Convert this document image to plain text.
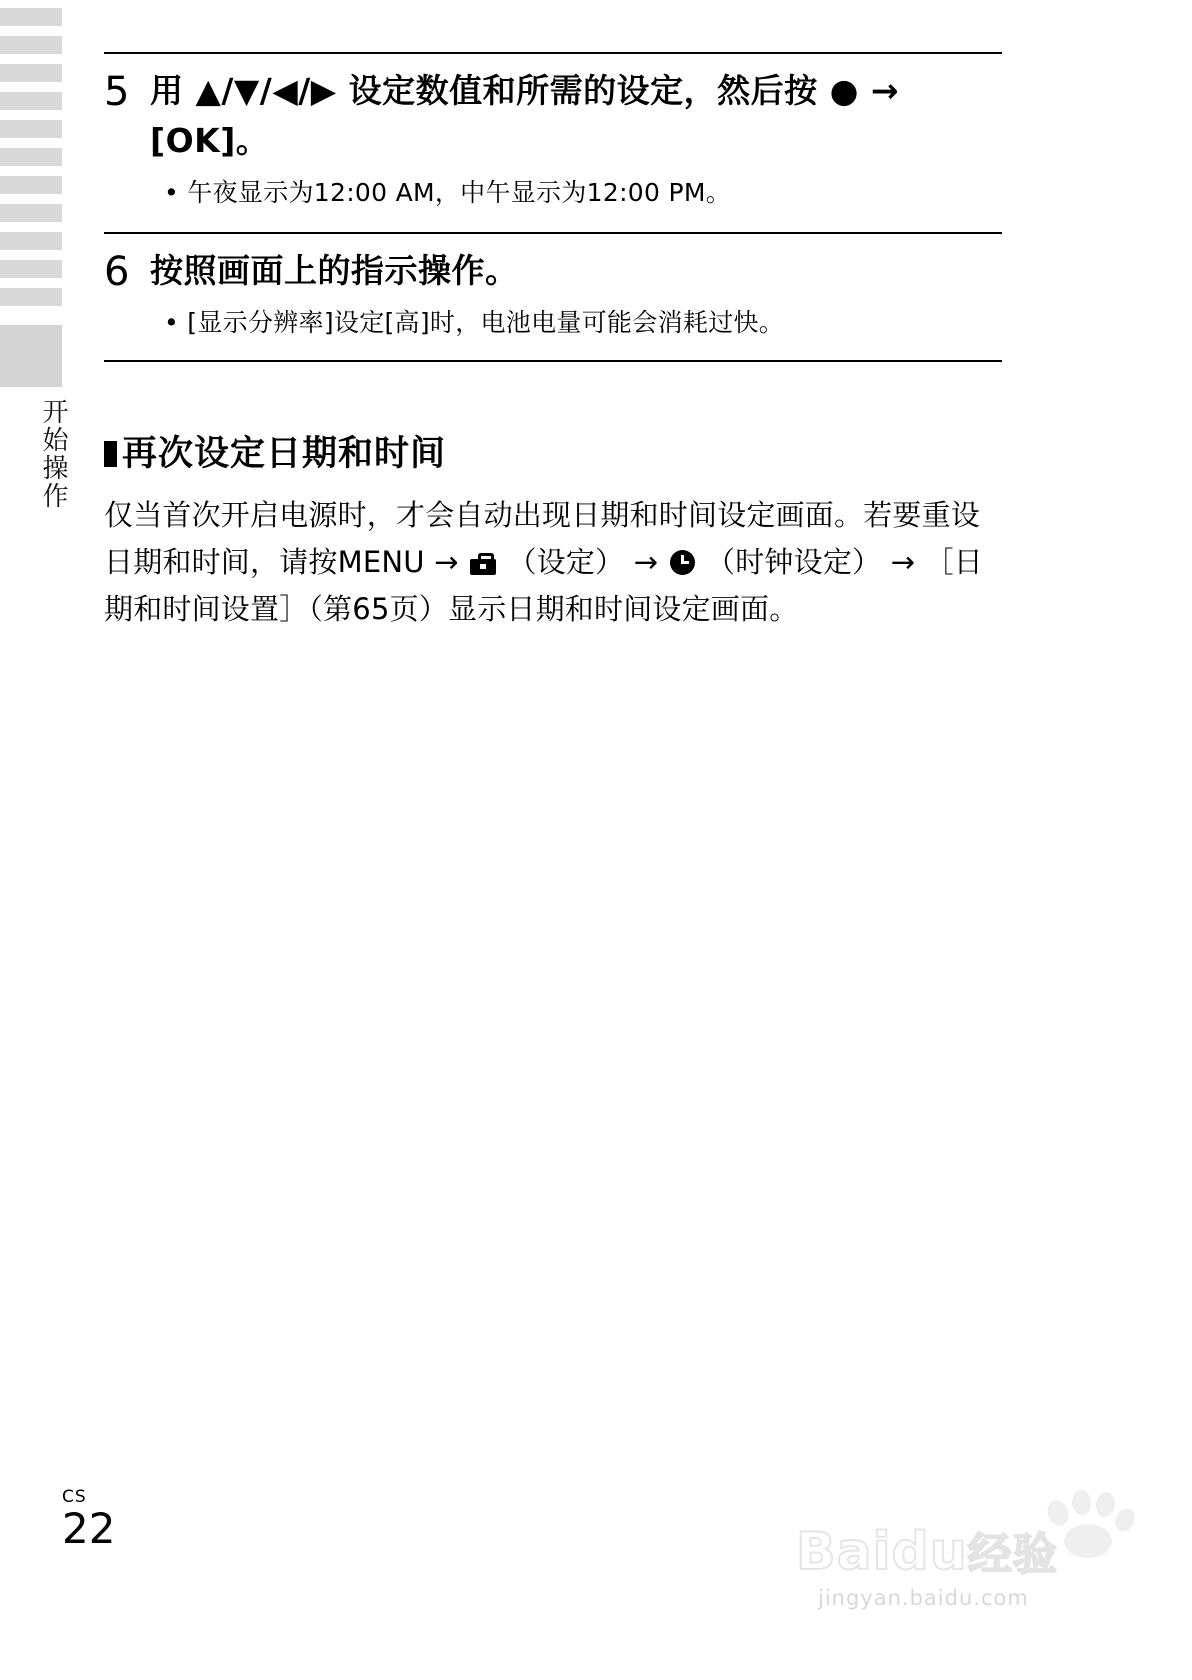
开始操作
5 用 ▲/▼/◀/▶ 设定数值和所需的设定，然后按 ● → [OK]。
• 午夜显示为12:00 AM，中午显示为12:00 PM。
6 按照画面上的指示操作。
• [显示分辨率]设定[高]时，电池电量可能会消耗过快。
再次设定日期和时间
仅当首次开启电源时，才会自动出现日期和时间设定画面。若要重设日期和时间，请按MENU → （设定） → （时钟设定） → ［日期和时间设置］（第65页）显示日期和时间设定画面。
CS
22	Baidu经验
jingyan.baidu.com
